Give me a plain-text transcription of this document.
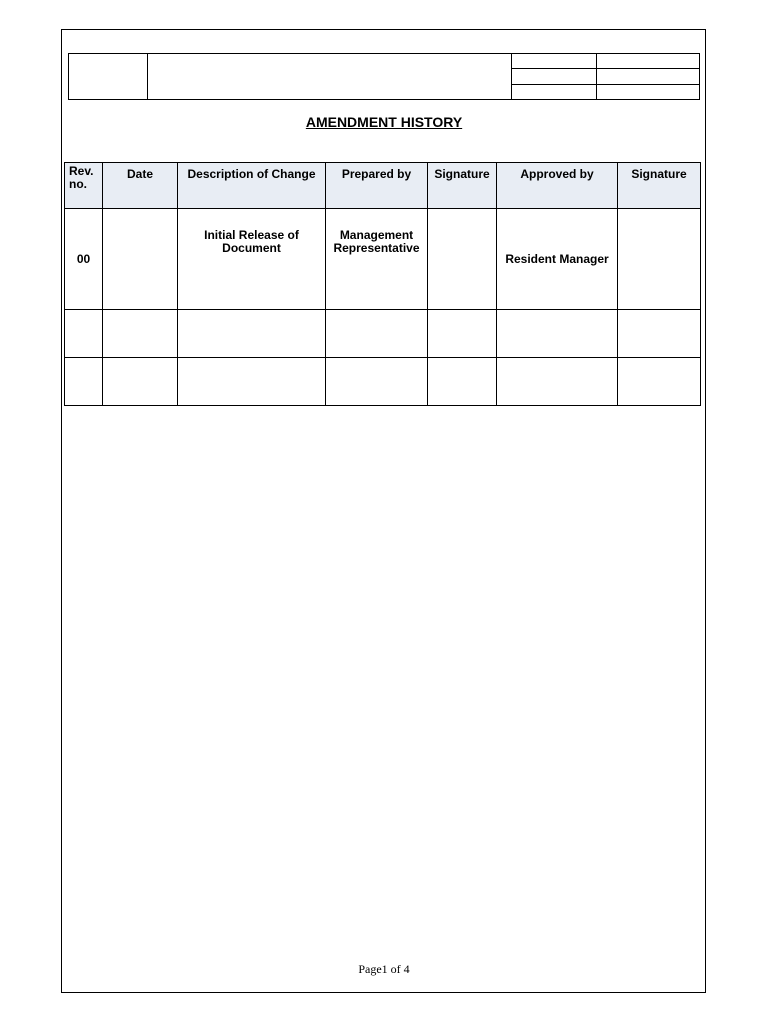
AMENDMENT HISTORY
Rev. no.	Date	Description of Change	Prepared by	Signature	Approved by	Signature
00		Initial Release of Document	Management Representative		Resident Manager	

Page1 of 4
